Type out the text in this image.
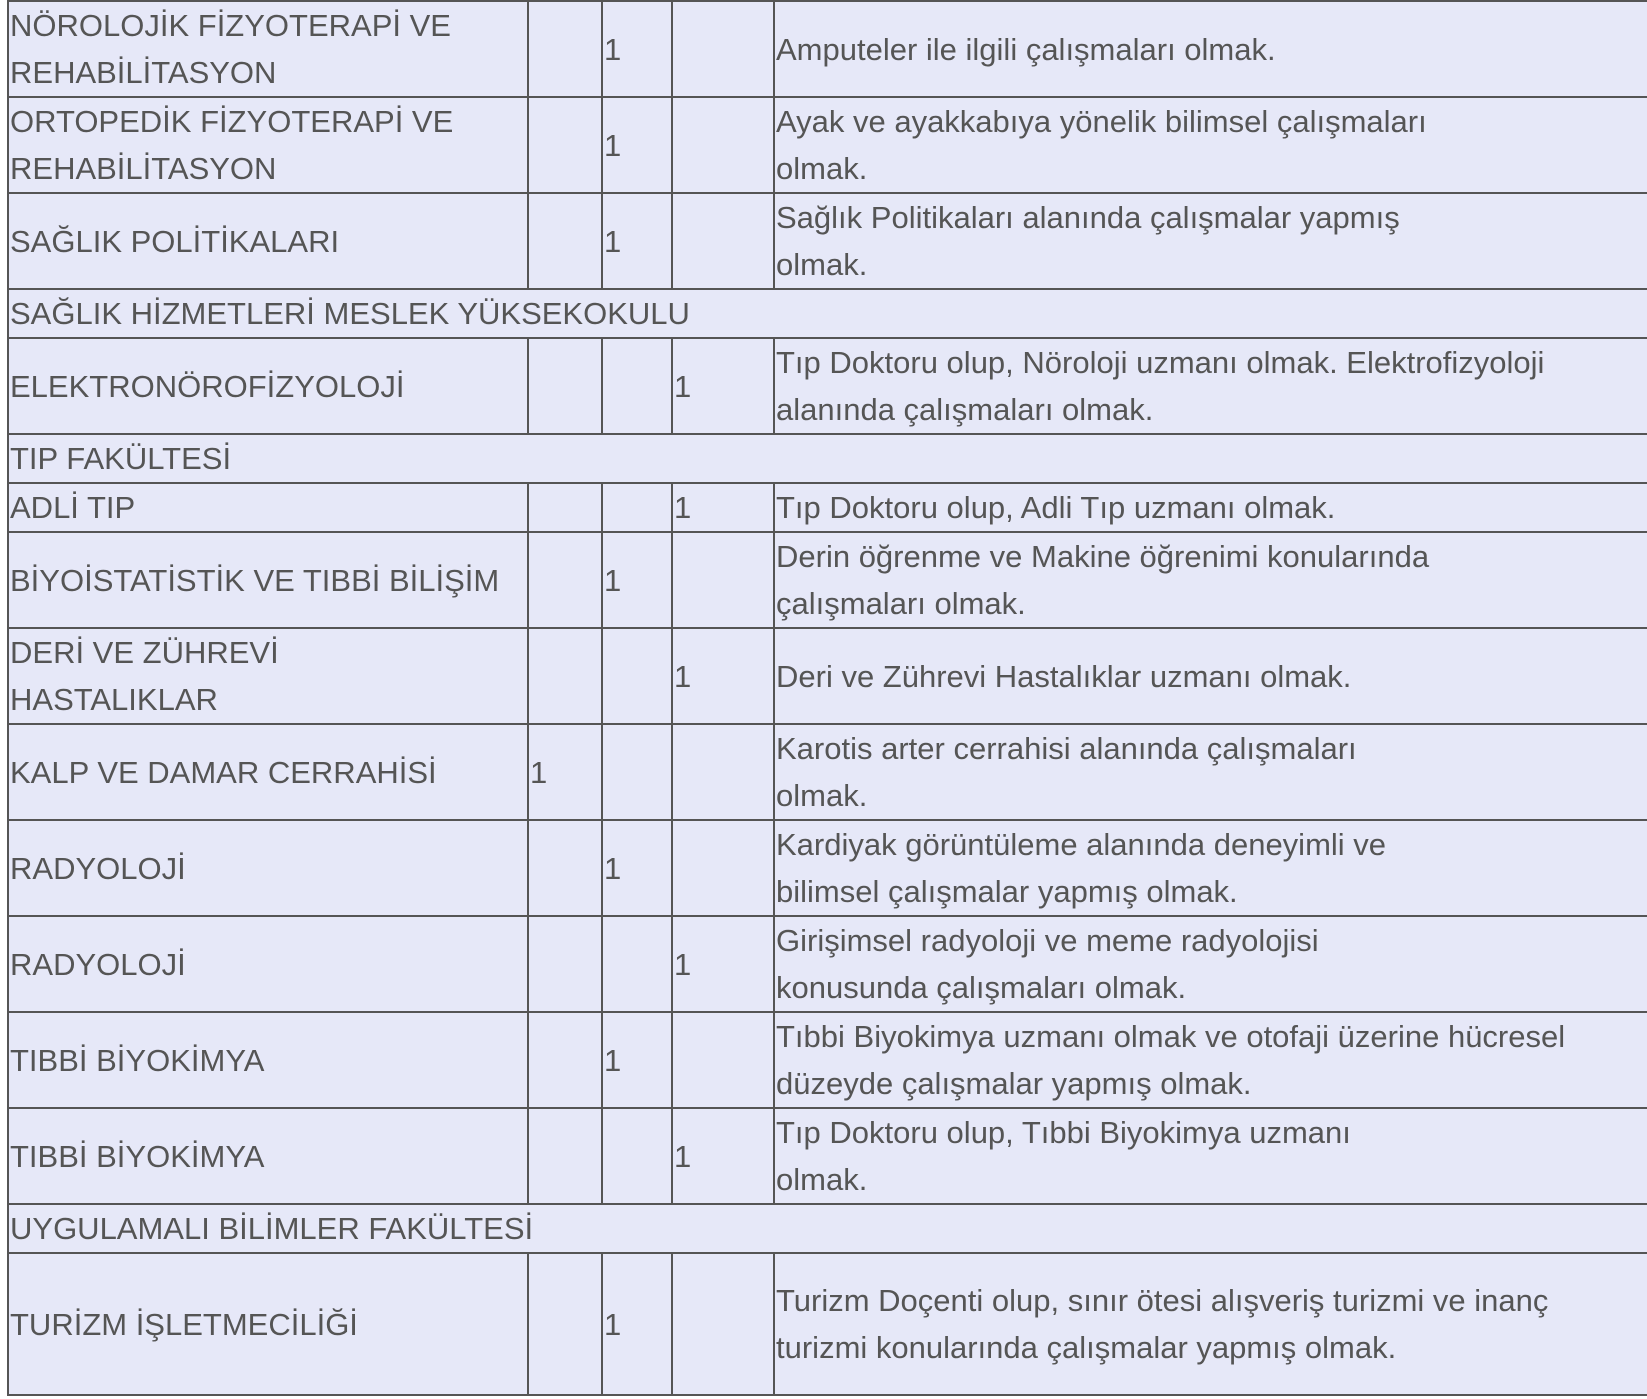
NÖROLOJİK FİZYOTERAPİ VE REHABİLİTASYON		1		Amputeler ile ilgili çalışmaları olmak.
ORTOPEDİK FİZYOTERAPİ VE REHABİLİTASYON		1		Ayak ve ayakkabıya yönelik bilimsel çalışmaları olmak.
SAĞLIK POLİTİKALARI		1		Sağlık Politikaları alanında çalışmalar yapmış olmak.
SAĞLIK HİZMETLERİ MESLEK YÜKSEKOKULU				
ELEKTRONÖROFİZYOLOJİ			1	Tıp Doktoru olup, Nöroloji uzmanı olmak. Elektrofizyoloji alanında çalışmaları olmak.
TIP FAKÜLTESİ				
ADLİ TIP			1	Tıp Doktoru olup, Adli Tıp uzmanı olmak.
BİYOİSTATİSTİK VE TIBBİ BİLİŞİM		1		Derin öğrenme ve Makine öğrenimi konularında çalışmaları olmak.
DERİ VE ZÜHREVİ HASTALIKLAR			1	Deri ve Zührevi Hastalıklar uzmanı olmak.
KALP VE DAMAR CERRAHİSİ	1			Karotis arter cerrahisi alanında çalışmaları olmak.
RADYOLOJİ		1		Kardiyak görüntüleme alanında deneyimli ve bilimsel çalışmalar yapmış olmak.
RADYOLOJİ			1	Girişimsel radyoloji ve meme radyolojisi konusunda çalışmaları olmak.
TIBBİ BİYOKİMYA		1		Tıbbi Biyokimya uzmanı olmak ve otofaji üzerine hücresel düzeyde çalışmalar yapmış olmak.
TIBBİ BİYOKİMYA			1	Tıp Doktoru olup, Tıbbi Biyokimya uzmanı olmak.
UYGULAMALI BİLİMLER FAKÜLTESİ				
TURİZM İŞLETMECİLİĞİ		1		Turizm Doçenti olup, sınır ötesi alışveriş turizmi ve inanç turizmi konularında çalışmalar yapmış olmak.
